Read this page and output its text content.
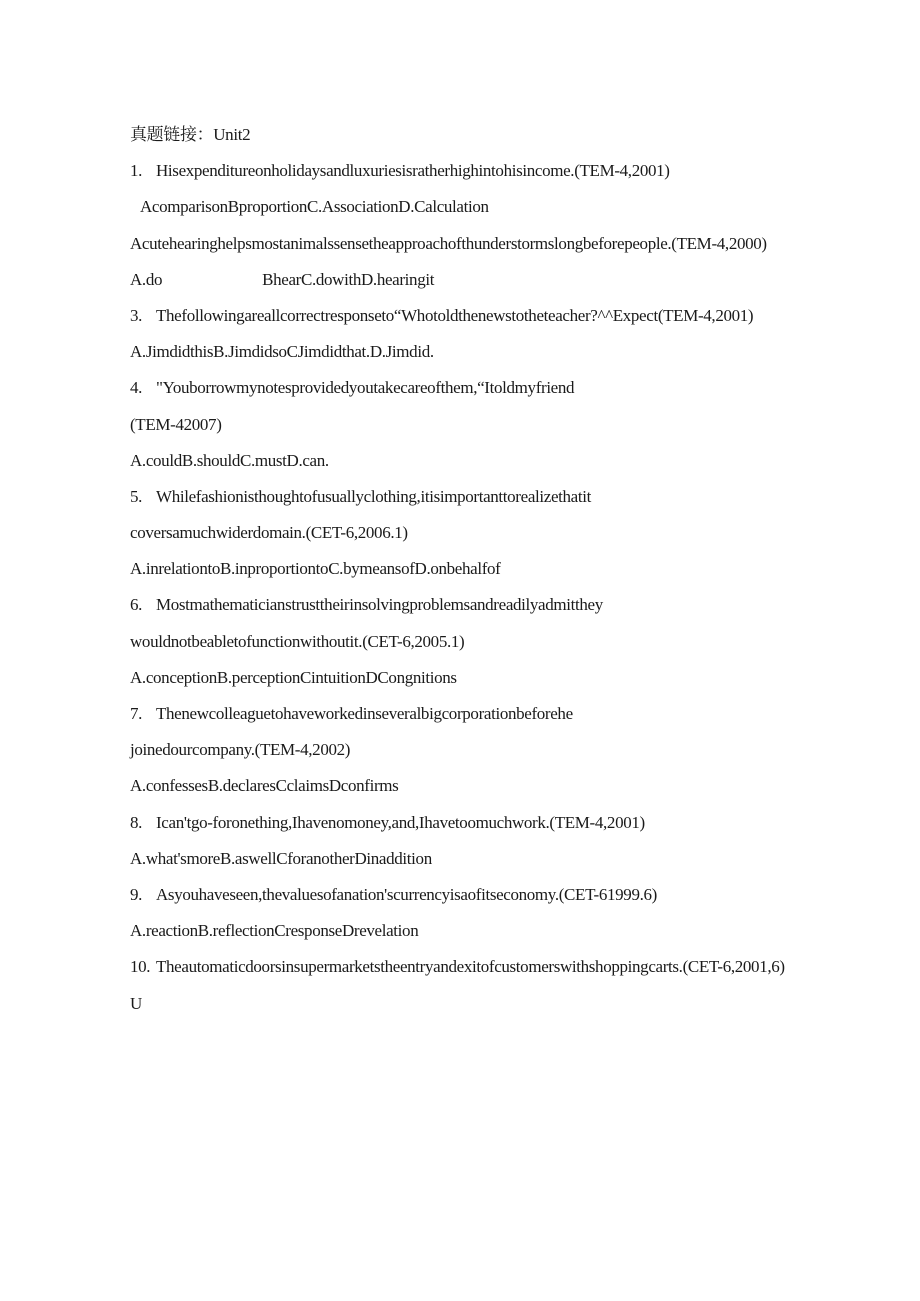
真题链接：Unit2
1. Hisexpenditureonholidaysandluxuriesisratherhighintohisincome.(TEM-4,2001)
AcomparisonBproportionC.AssociationD.Calculation
Acutehearinghelpsmostanimalssensetheapproachofthunderstormslongbeforepeople.(TEM-4,2000)
A.do	BhearC.dowithD.hearingit
3. Thefollowingareallcorrectresponseto“Whotoldthenewstotheteacher?^^Expect(TEM-4,2001)
A.JimdidthisB.JimdidsoCJimdidthat.D.Jimdid.
4. "Youborrowmynotesprovidedyoutakecareofthem,“Itoldmyfriend
(TEM-42007)
A.couldB.shouldC.mustD.can.
5. Whilefashionisthoughtofusuallyclothing,itisimportanttorealizethatit
coversamuchwiderdomain.(CET-6,2006.1)
A.inrelationtoB.inproportiontoC.bymeansofD.onbehalfof
6. Mostmathematicianstrusttheirinsolvingproblemsandreadilyadmitthey
wouldnotbeabletofunctionwithoutit.(CET-6,2005.1)
A.conceptionB.perceptionCintuitionDCongnitions
7. Thenewcolleaguetohaveworkedinseveralbigcorporationbeforehe
joinedourcompany.(TEM-4,2002)
A.confessesB.declaresCclaimsDconfirms
8. Ican'tgo-foronething,Ihavenomoney,and,Ihavetoomuchwork.(TEM-4,2001)
A.what'smoreB.aswellCforanotherDinaddition
9. Asyouhaveseen,thevaluesofanation'scurrencyisaofitseconomy.(CET-61999.6)
A.reactionB.reflectionCresponseDrevelation
10. Theautomaticdoorsinsupermarketstheentryandexitofcustomerswithshoppingcarts.(CET-6,2001,6)U
